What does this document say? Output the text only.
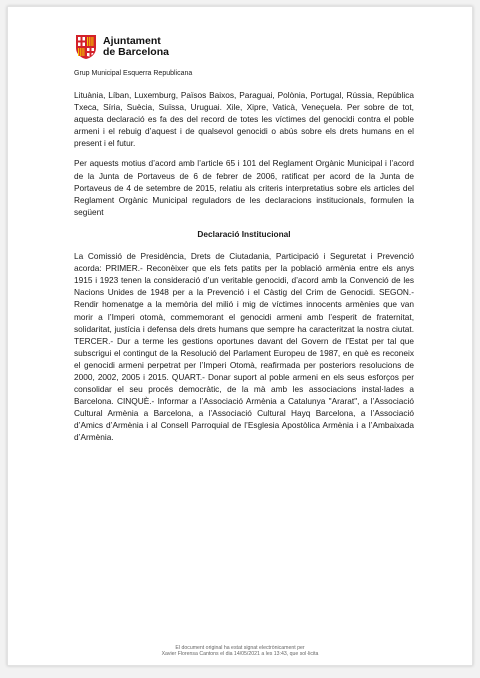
Ajuntament
de Barcelona
Grup Municipal Esquerra Republicana

Lituània, Líban, Luxemburg, Països Baixos, Paraguai, Polònia, Portugal, Rússia, República Txeca, Síria, Suècia, Suïssa, Uruguai. Xile, Xipre, Vaticà, Veneçuela. Per sobre de tot, aquesta declaració es fa des del record de totes les víctimes del genocidi contra el poble armeni i el rebuig d’aquest i de qualsevol genocidi o abús sobre els drets humans en el present i el futur.

Per aquests motius d’acord amb l’article 65 i 101 del Reglament Orgànic Municipal i l’acord de la Junta de Portaveus de 6 de febrer de 2006, ratificat per acord de la Junta de Portaveus de 4 de setembre de 2015, relatiu als criteris interpretatius sobre els articles del Reglament Orgànic Municipal reguladors de les declaracions institucionals, formulen la següent

Declaració Institucional

La Comissió de Presidència, Drets de Ciutadania, Participació i Seguretat i Prevenció acorda: PRIMER.- Reconèixer que els fets patits per la població armènia entre els anys 1915 i 1923 tenen la consideració d’un veritable genocidi, d’acord amb la Convenció de les Nacions Unides de 1948 per a la Prevenció i el Càstig del Crim de Genocidi. SEGON.- Rendir homenatge a la memòria del milió i mig de víctimes innocents armènies que van morir a l’Imperi otomà, commemorant el genocidi armeni amb l’esperit de fraternitat, solidaritat, justícia i defensa dels drets humans que sempre ha caracteritzat la nostra ciutat. TERCER.- Dur a terme les gestions oportunes davant del Govern de l’Estat per tal que subscrigui el contingut de la Resolució del Parlament Europeu de 1987, en què es reconeix el genocidi armeni perpetrat per l’Imperi Otomà, reafirmada per posteriors resolucions de 2000, 2002, 2005 i 2015. QUART.- Donar suport al poble armeni en els seus esforços per consolidar el seu procés democràtic, de la mà amb les associacions instal·lades a Barcelona. CINQUÈ.- Informar a l’Associació Armènia a Catalunya "Ararat", a l’Associació Cultural Armènia a Barcelona, a l’Associació Cultural Hayq Barcelona, a l’Associació d’Amics d’Armènia i al Consell Parroquial de l’Esglesia Apostòlica Armènia i a l’Ambaixada d’Armènia.

El document original ha estat signat electrònicament per
Xavier Florensa Cantons el dia 14/05/2021 a les 13:43, que sol·licita
